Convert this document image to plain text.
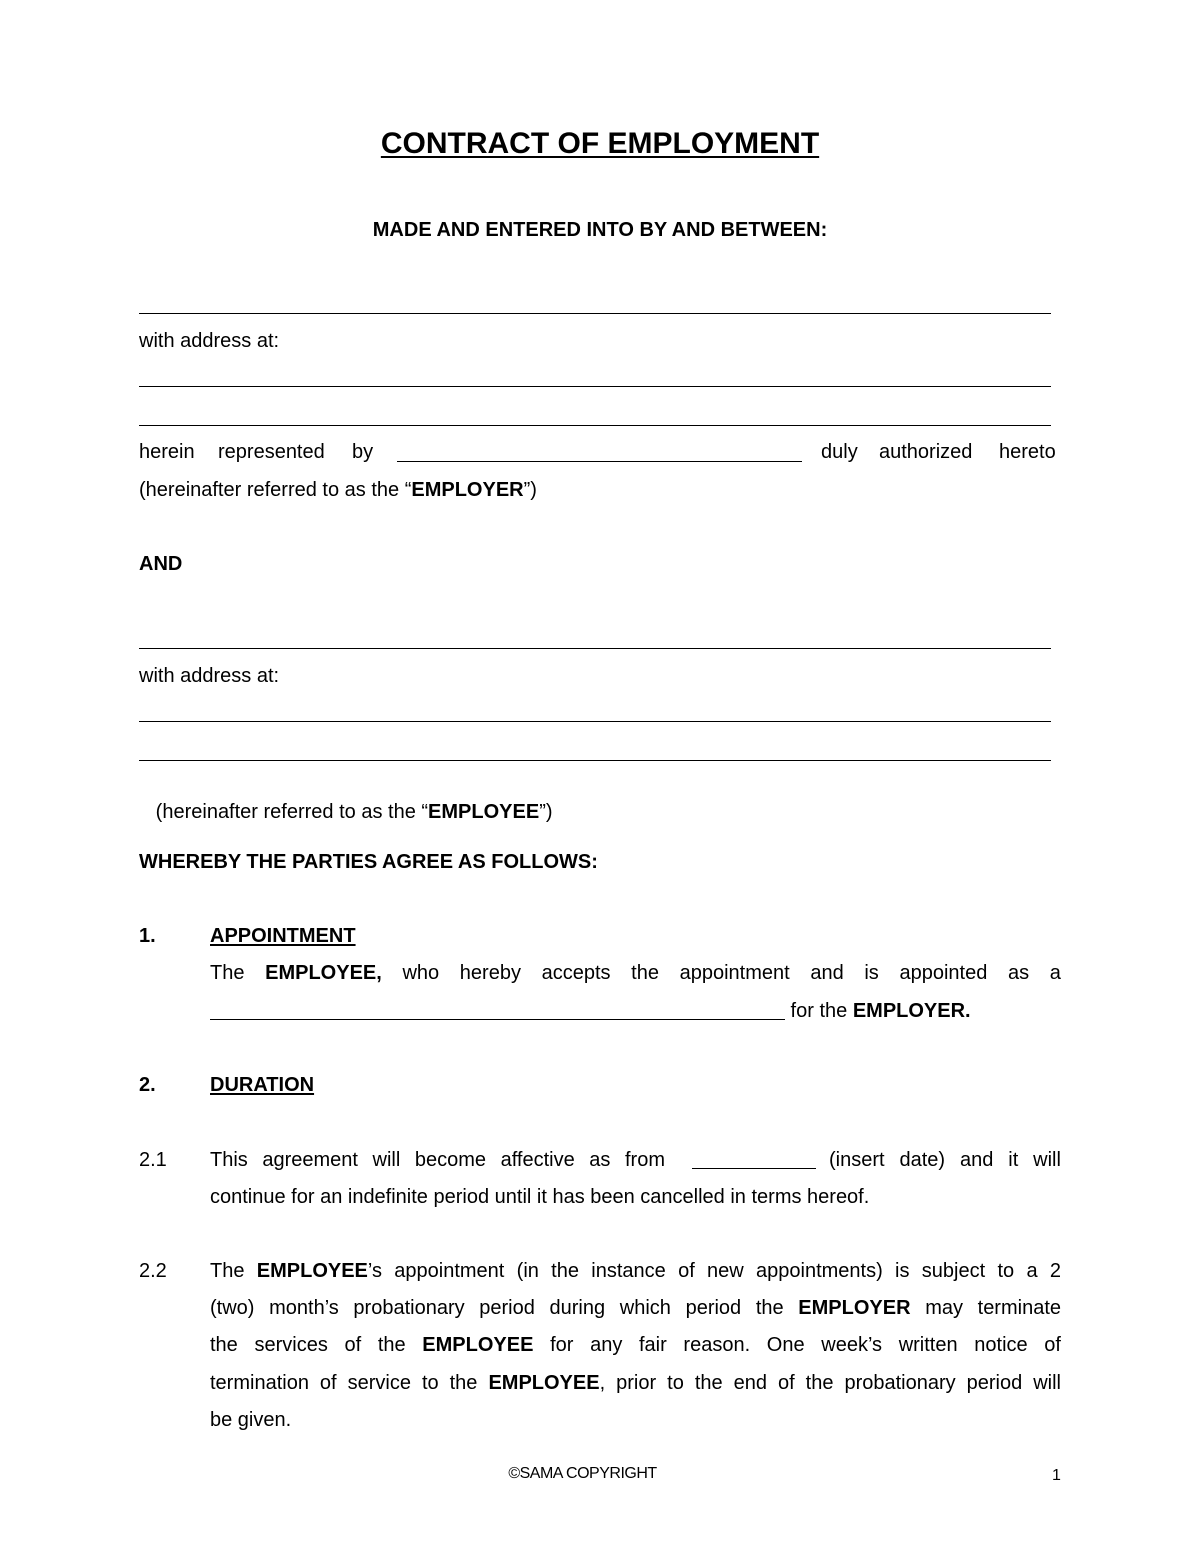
CONTRACT OF EMPLOYMENT
MADE AND ENTERED INTO BY AND BETWEEN:
with address at:
herein represented by	duly authorized hereto
(hereinafter referred to as the “EMPLOYER”)
AND
with address at:

(hereinafter referred to as the “EMPLOYEE”)

WHEREBY THE PARTIES AGREE AS FOLLOWS:
1.	APPOINTMENT
The EMPLOYEE, who hereby accepts the appointment and is appointed as a
for the EMPLOYER.
2.	DURATION
2.1 This agreement will become affective as from	(insert date) and it will
continue for an indefinite period until it has been cancelled in terms hereof.
2.2 The EMPLOYEE’s appointment (in the instance of new appointments) is subject to a 2
(two) month’s probationary period during which period the EMPLOYER may terminate
the services of the EMPLOYEE for any fair reason. One week’s written notice of
termination of service to the EMPLOYEE, prior to the end of the probationary period will
be given.
©SAMA COPYRIGHT	1
